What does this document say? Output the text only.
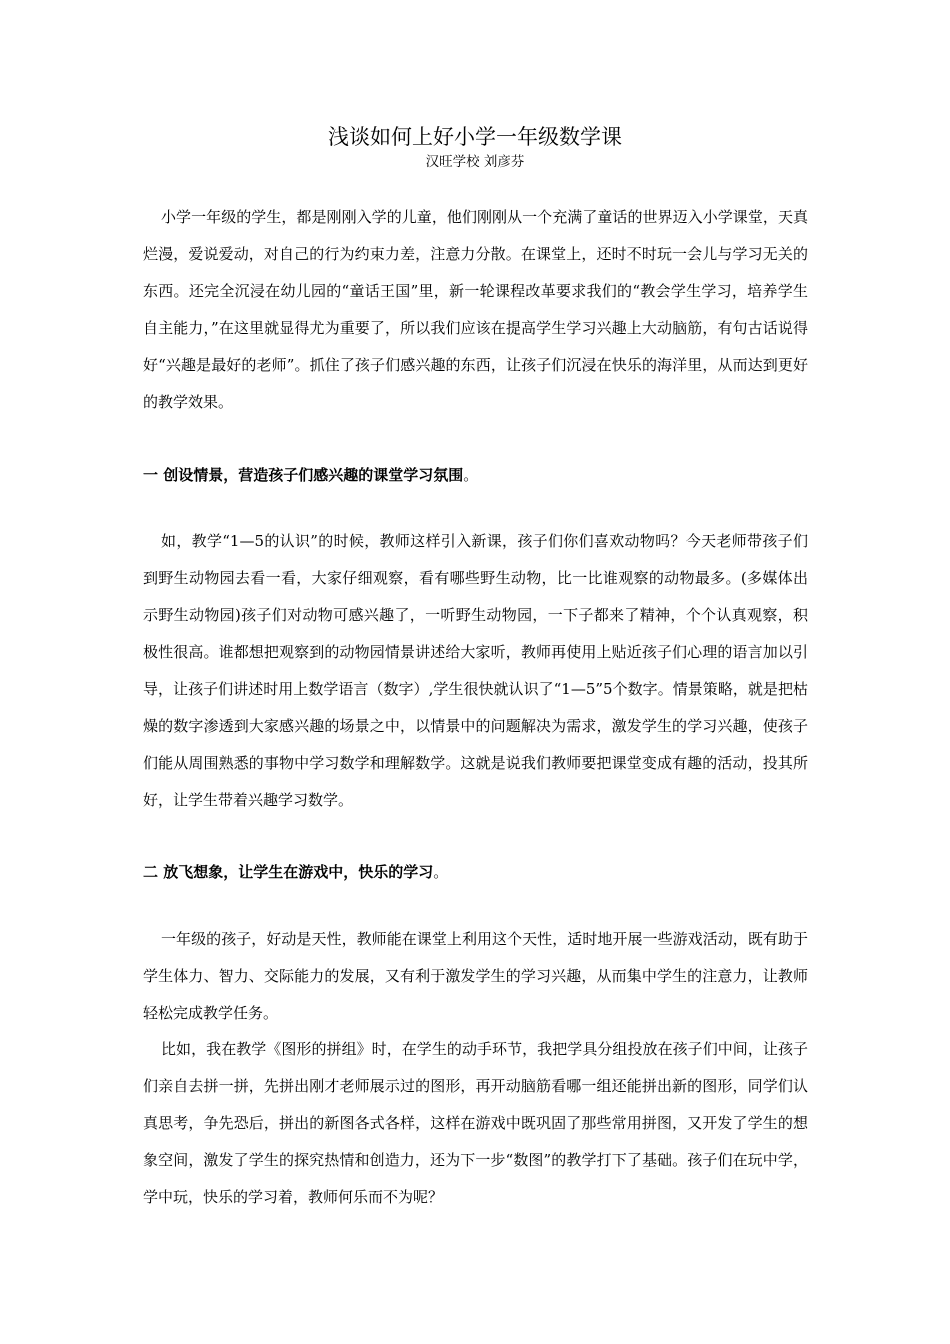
浅谈如何上好小学一年级数学课

汉旺学校 刘彦芬

小学一年级的学生，都是刚刚入学的儿童，他们刚刚从一个充满了童话的世界迈入小学课堂，天真烂漫，爱说爱动，对自己的行为约束力差，注意力分散。在课堂上，还时不时玩一会儿与学习无关的东西。还完全沉浸在幼儿园的“童话王国”里，新一轮课程改革要求我们的“教会学生学习，培养学生自主能力，”在这里就显得尤为重要了，所以我们应该在提高学生学习兴趣上大动脑筋，有句古话说得好“兴趣是最好的老师”。抓住了孩子们感兴趣的东西，让孩子们沉浸在快乐的海洋里，从而达到更好的教学效果。

一 创设情景，营造孩子们感兴趣的课堂学习氛围。

如，教学“1—5的认识”的时候，教师这样引入新课，孩子们你们喜欢动物吗？今天老师带孩子们到野生动物园去看一看，大家仔细观察，看有哪些野生动物，比一比谁观察的动物最多。(多媒体出示野生动物园)孩子们对动物可感兴趣了，一听野生动物园，一下子都来了精神，个个认真观察，积极性很高。谁都想把观察到的动物园情景讲述给大家听，教师再使用上贴近孩子们心理的语言加以引导，让孩子们讲述时用上数学语言（数字）,学生很快就认识了“1—5”5个数字。情景策略，就是把枯燥的数字渗透到大家感兴趣的场景之中，以情景中的问题解决为需求，激发学生的学习兴趣，使孩子们能从周围熟悉的事物中学习数学和理解数学。这就是说我们教师要把课堂变成有趣的活动，投其所好，让学生带着兴趣学习数学。

二 放飞想象，让学生在游戏中，快乐的学习。

一年级的孩子，好动是天性，教师能在课堂上利用这个天性，适时地开展一些游戏活动，既有助于学生体力、智力、交际能力的发展，又有利于激发学生的学习兴趣，从而集中学生的注意力，让教师轻松完成教学任务。

比如，我在教学《图形的拼组》时，在学生的动手环节，我把学具分组投放在孩子们中间，让孩子们亲自去拼一拼，先拼出刚才老师展示过的图形，再开动脑筋看哪一组还能拼出新的图形，同学们认真思考，争先恐后，拼出的新图各式各样，这样在游戏中既巩固了那些常用拼图，又开发了学生的想象空间，激发了学生的探究热情和创造力，还为下一步“数图”的教学打下了基础。孩子们在玩中学，学中玩，快乐的学习着，教师何乐而不为呢？
